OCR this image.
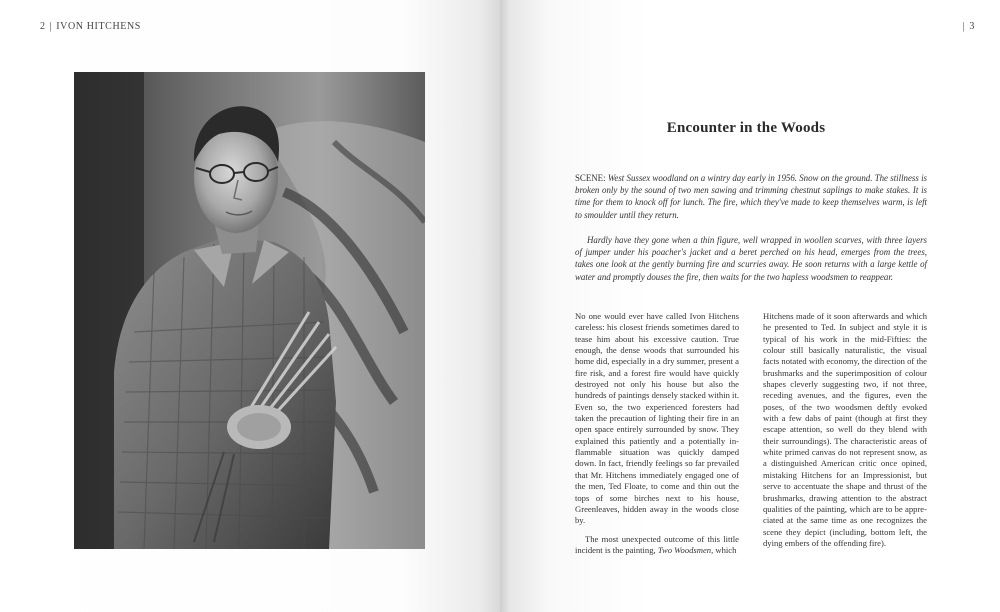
2 | IVON HITCHENS	| 3
Encounter in the Woods

SCENE: West Sussex woodland on a wintry day early in 1956. Snow on the ground. The stillness is broken only by the sound of two men sawing and trimming chestnut saplings to make stakes. It is time for them to knock off for lunch. The fire, which they've made to keep themselves warm, is left to smoulder until they return.

Hardly have they gone when a thin figure, well wrapped in woollen scarves, with three layers of jumper under his poacher's jacket and a beret perched on his head, emerges from the trees, takes one look at the gently burning fire and scurries away. He soon returns with a large kettle of water and promptly douses the fire, then waits for the two hapless woodsmen to reappear.

No one would ever have called Ivon Hitchens careless: his closest friends sometimes dared to tease him about his excessive caution. True enough, the dense woods that surrounded his home did, especially in a dry summer, present a fire risk, and a forest fire would have quickly destroyed not only his house but also the hundreds of paintings densely stacked within it. Even so, the two experienced foresters had taken the precaution of lighting their fire in an open space entirely surrounded by snow. They explained this patiently and a potentially inflammable situation was quickly damped down. In fact, friendly feelings so far prevailed that Mr. Hitchens immediately engaged one of the men, Ted Floate, to come and thin out the tops of some birches next to his house, Greenleaves, hidden away in the woods close by.

The most unexpected outcome of this little incident is the painting, Two Woodsmen, which

Hitchens made of it soon afterwards and which he presented to Ted. In subject and style it is typical of his work in the mid-Fifties: the colour still basically naturalistic, the visual facts notated with economy, the direction of the brushmarks and the superimposition of colour shapes cleverly suggesting two, if not three, receding avenues, and the figures, even the poses, of the two woodsmen deftly evoked with a few dabs of paint (though at first they escape attention, so well do they blend with their surroundings). The characteristic areas of white primed canvas do not represent snow, as a distinguished American critic once opined, mistaking Hitchens for an Impressionist, but serve to accentuate the shape and thrust of the brushmarks, drawing attention to the abstract qualities of the painting, which are to be appreciated at the same time as one recognizes the scene they depict (including, bottom left, the dying embers of the offending fire).
